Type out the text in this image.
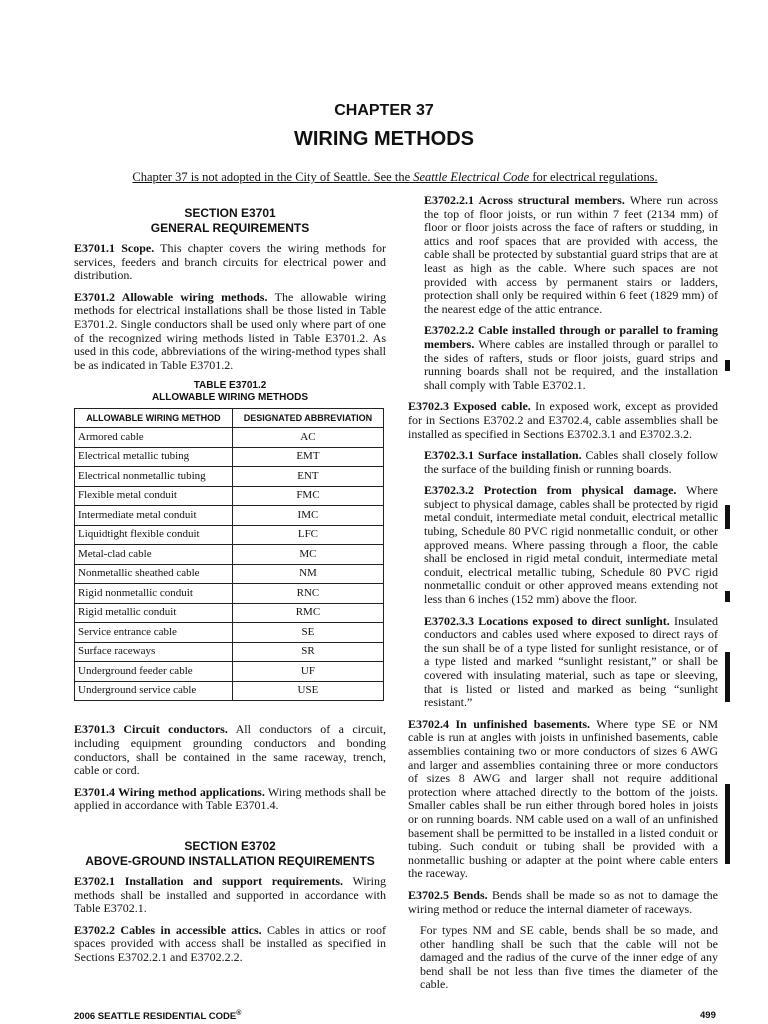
CHAPTER 37
WIRING METHODS
Chapter 37 is not adopted in the City of Seattle. See the Seattle Electrical Code for electrical regulations.
SECTION E3701
GENERAL REQUIREMENTS

E3701.1 Scope. This chapter covers the wiring methods for services, feeders and branch circuits for electrical power and distribution.

E3701.2 Allowable wiring methods. The allowable wiring methods for electrical installations shall be those listed in Table E3701.2. Single conductors shall be used only where part of one of the recognized wiring methods listed in Table E3701.2. As used in this code, abbreviations of the wiring-method types shall be as indicated in Table E3701.2.

TABLE E3701.2
ALLOWABLE WIRING METHODS
ALLOWABLE WIRING METHOD	DESIGNATED ABBREVIATION
Armored cable	AC
Electrical metallic tubing	EMT
Electrical nonmetallic tubing	ENT
Flexible metal conduit	FMC
Intermediate metal conduit	IMC
Liquidtight flexible conduit	LFC
Metal-clad cable	MC
Nonmetallic sheathed cable	NM
Rigid nonmetallic conduit	RNC
Rigid metallic conduit	RMC
Service entrance cable	SE
Surface raceways	SR
Underground feeder cable	UF
Underground service cable	USE

E3701.3 Circuit conductors. All conductors of a circuit, including equipment grounding conductors and bonding conductors, shall be contained in the same raceway, trench, cable or cord.

E3701.4 Wiring method applications. Wiring methods shall be applied in accordance with Table E3701.4.

SECTION E3702
ABOVE-GROUND INSTALLATION REQUIREMENTS

E3702.1 Installation and support requirements. Wiring methods shall be installed and supported in accordance with Table E3702.1.

E3702.2 Cables in accessible attics. Cables in attics or roof spaces provided with access shall be installed as specified in Sections E3702.2.1 and E3702.2.2.

E3702.2.1 Across structural members. Where run across the top of floor joists, or run within 7 feet (2134 mm) of floor or floor joists across the face of rafters or studding, in attics and roof spaces that are provided with access, the cable shall be protected by substantial guard strips that are at least as high as the cable. Where such spaces are not provided with access by permanent stairs or ladders, protection shall only be required within 6 feet (1829 mm) of the nearest edge of the attic entrance.

E3702.2.2 Cable installed through or parallel to framing members. Where cables are installed through or parallel to the sides of rafters, studs or floor joists, guard strips and running boards shall not be required, and the installation shall comply with Table E3702.1.

E3702.3 Exposed cable. In exposed work, except as provided for in Sections E3702.2 and E3702.4, cable assemblies shall be installed as specified in Sections E3702.3.1 and E3702.3.2.

E3702.3.1 Surface installation. Cables shall closely follow the surface of the building finish or running boards.

E3702.3.2 Protection from physical damage. Where subject to physical damage, cables shall be protected by rigid metal conduit, intermediate metal conduit, electrical metallic tubing, Schedule 80 PVC rigid nonmetallic conduit, or other approved means. Where passing through a floor, the cable shall be enclosed in rigid metal conduit, intermediate metal conduit, electrical metallic tubing, Schedule 80 PVC rigid nonmetallic conduit or other approved means extending not less than 6 inches (152 mm) above the floor.

E3702.3.3 Locations exposed to direct sunlight. Insulated conductors and cables used where exposed to direct rays of the sun shall be of a type listed for sunlight resistance, or of a type listed and marked “sunlight resistant,” or shall be covered with insulating material, such as tape or sleeving, that is listed or listed and marked as being “sunlight resistant.”

E3702.4 In unfinished basements. Where type SE or NM cable is run at angles with joists in unfinished basements, cable assemblies containing two or more conductors of sizes 6 AWG and larger and assemblies containing three or more conductors of sizes 8 AWG and larger shall not require additional protection where attached directly to the bottom of the joists. Smaller cables shall be run either through bored holes in joists or on running boards. NM cable used on a wall of an unfinished basement shall be permitted to be installed in a listed conduit or tubing. Such conduit or tubing shall be provided with a nonmetallic bushing or adapter at the point where cable enters the raceway.

E3702.5 Bends. Bends shall be made so as not to damage the wiring method or reduce the internal diameter of raceways.

For types NM and SE cable, bends shall be so made, and other handling shall be such that the cable will not be damaged and the radius of the curve of the inner edge of any bend shall be not less than five times the diameter of the cable.

2006 SEATTLE RESIDENTIAL CODE®	499
